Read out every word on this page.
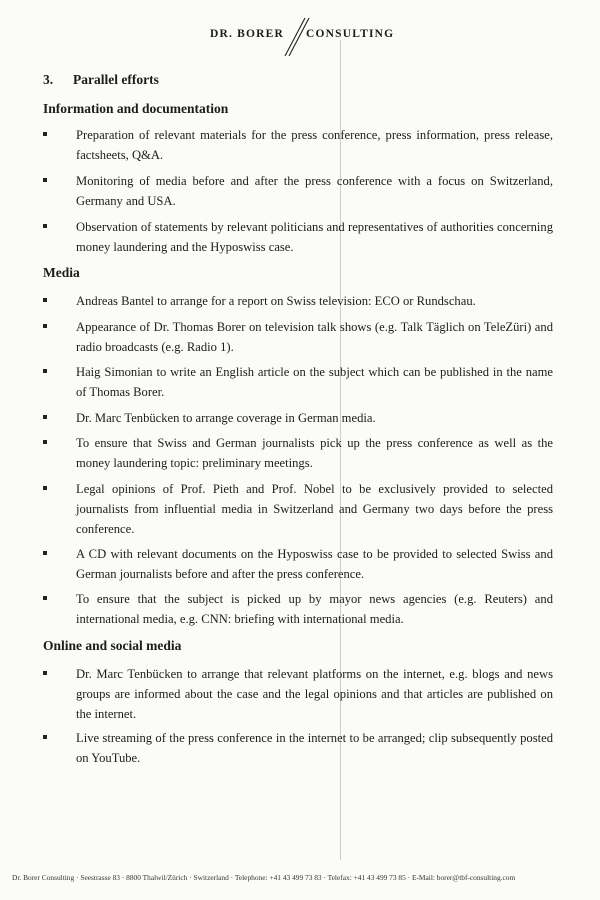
DR. BORER CONSULTING
3. Parallel efforts
Information and documentation
Preparation of relevant materials for the press conference, press information, press release, factsheets, Q&A.
Monitoring of media before and after the press conference with a focus on Switzerland, Germany and USA.
Observation of statements by relevant politicians and representatives of authorities concerning money laundering and the Hyposwiss case.
Media
Andreas Bantel to arrange for a report on Swiss television: ECO or Rundschau.
Appearance of Dr. Thomas Borer on television talk shows (e.g. Talk Täglich on TeleZüri) and radio broadcasts (e.g. Radio 1).
Haig Simonian to write an English article on the subject which can be published in the name of Thomas Borer.
Dr. Marc Tenbücken to arrange coverage in German media.
To ensure that Swiss and German journalists pick up the press conference as well as the money laundering topic: preliminary meetings.
Legal opinions of Prof. Pieth and Prof. Nobel to be exclusively provided to selected journalists from influential media in Switzerland and Germany two days before the press conference.
A CD with relevant documents on the Hyposwiss case to be provided to selected Swiss and German journalists before and after the press conference.
To ensure that the subject is picked up by mayor news agencies (e.g. Reuters) and international media, e.g. CNN: briefing with international media.
Online and social media
Dr. Marc Tenbücken to arrange that relevant platforms on the internet, e.g. blogs and news groups are informed about the case and the legal opinions and that articles are published on the internet.
Live streaming of the press conference in the internet to be arranged; clip subsequently posted on YouTube.
Dr. Borer Consulting · Seestrasse 83 · 8800 Thalwil/Zürich · Switzerland · Telephone: +41 43 499 73 83 · Telefax: +41 43 499 73 85 · E-Mail: borer@tbf-consulting.com
